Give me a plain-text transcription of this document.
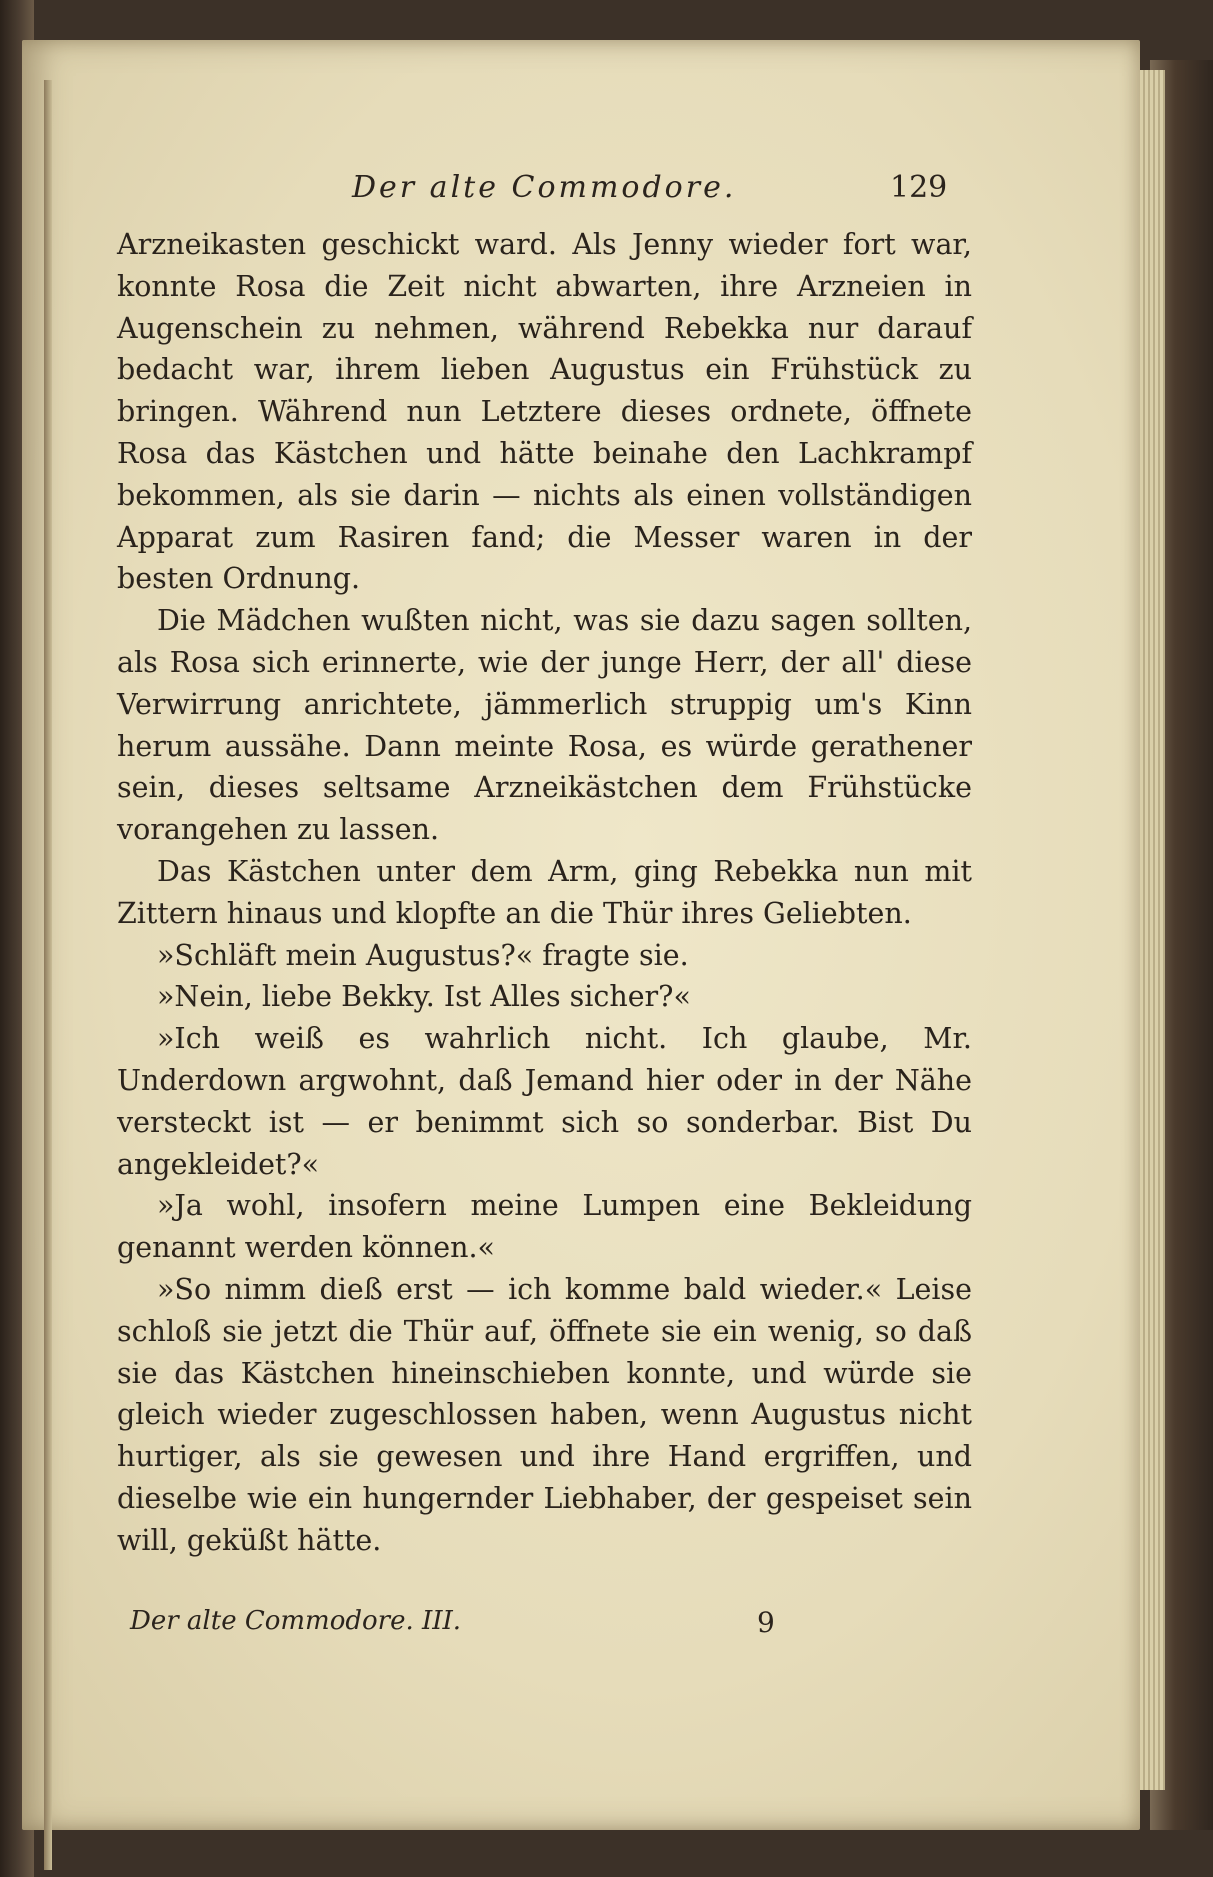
Der alte Commodore.	129

Arzneikasten geschickt ward. Als Jenny wieder fort war, konnte Rosa die Zeit nicht abwarten, ihre Arzneien in Augenschein zu nehmen, während Rebekka nur darauf bedacht war, ihrem lieben Augustus ein Frühstück zu bringen. Während nun Letztere dieses ordnete, öffnete Rosa das Kästchen und hätte beinahe den Lachkrampf bekommen, als sie darin — nichts als einen vollständigen Apparat zum Rasiren fand; die Messer waren in der besten Ordnung.

Die Mädchen wußten nicht, was sie dazu sagen sollten, als Rosa sich erinnerte, wie der junge Herr, der all' diese Verwirrung anrichtete, jämmerlich struppig um's Kinn herum aussähe. Dann meinte Rosa, es würde gerathener sein, dieses seltsame Arzneikästchen dem Frühstücke vorangehen zu lassen.

Das Kästchen unter dem Arm, ging Rebekka nun mit Zittern hinaus und klopfte an die Thür ihres Geliebten.

»Schläft mein Augustus?« fragte sie.

»Nein, liebe Bekky. Ist Alles sicher?«

»Ich weiß es wahrlich nicht. Ich glaube, Mr. Underdown argwohnt, daß Jemand hier oder in der Nähe versteckt ist — er benimmt sich so sonderbar. Bist Du angekleidet?«

»Ja wohl, insofern meine Lumpen eine Bekleidung genannt werden können.«

»So nimm dieß erst — ich komme bald wieder.« Leise schloß sie jetzt die Thür auf, öffnete sie ein wenig, so daß sie das Kästchen hineinschieben konnte, und würde sie gleich wieder zugeschlossen haben, wenn Augustus nicht hurtiger, als sie gewesen und ihre Hand ergriffen, und dieselbe wie ein hungernder Liebhaber, der gespeiset sein will, geküßt hätte.

Der alte Commodore. III.	9
